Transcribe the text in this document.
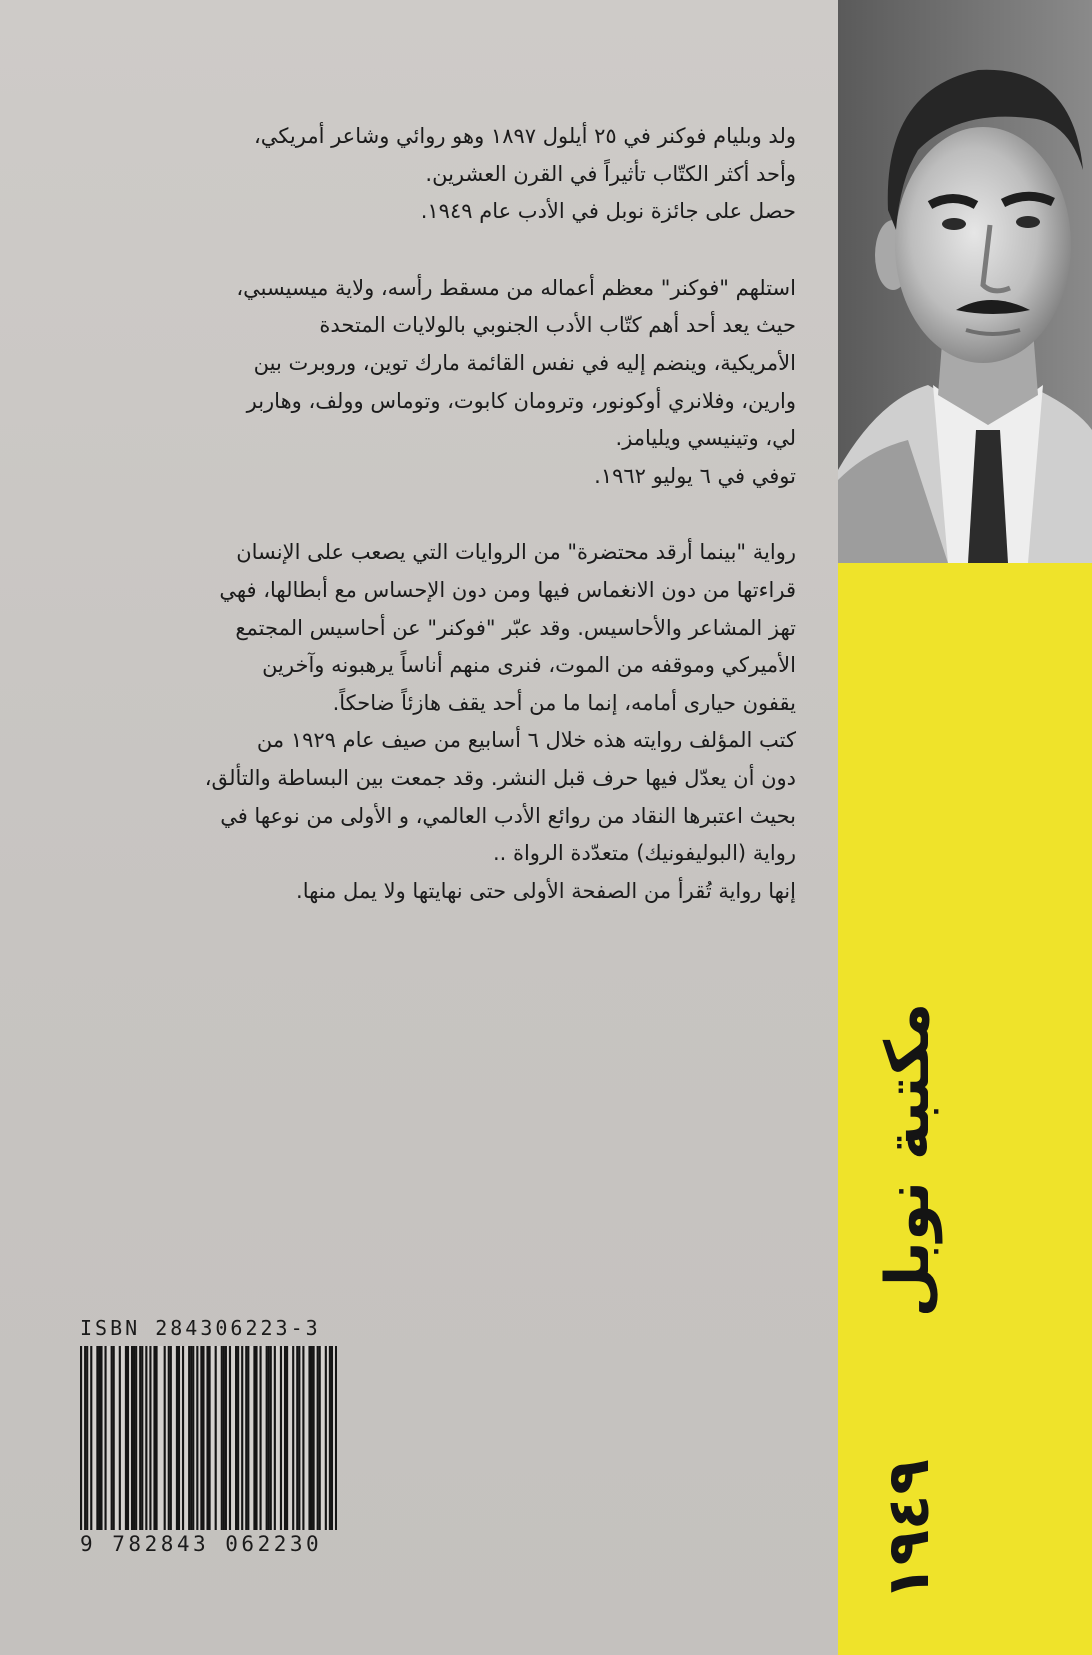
ولد وبليام فوكنر في ٢٥ أيلول ١٨٩٧ وهو روائي وشاعر أمريكي،
وأحد أكثر الكتّاب تأثيراً في القرن العشرين.
حصل على جائزة نوبل في الأدب عام ١٩٤٩.
استلهم "فوكنر" معظم أعماله من مسقط رأسه، ولاية ميسيسبي،
حيث يعد أحد أهم كتّاب الأدب الجنوبي بالولايات المتحدة
الأمريكية، وينضم إليه في نفس القائمة مارك توين، وروبرت بين
وارين، وفلانري أوكونور، وترومان كابوت، وتوماس وولف، وهاربر
لي، وتينيسي ويليامز.
توفي في ٦ يوليو ١٩٦٢.
رواية "بينما أرقد محتضرة" من الروايات التي يصعب على الإنسان
قراءتها من دون الانغماس فيها ومن دون الإحساس مع أبطالها، فهي
تهز المشاعر والأحاسيس. وقد عبّر "فوكنر" عن أحاسيس المجتمع
الأميركي وموقفه من الموت، فنرى منهم أناساً يرهبونه وآخرين
يقفون حيارى أمامه، إنما ما من أحد يقف هازئاً ضاحكاً.
كتب المؤلف روايته هذه خلال ٦ أسابيع من صيف عام ١٩٢٩ من
دون أن يعدّل فيها حرف قبل النشر. وقد جمعت بين البساطة والتألق،
بحيث اعتبرها النقاد من روائع الأدب العالمي، و الأولى من نوعها في
رواية (البوليفونيك) متعدّدة الرواة ..
إنها رواية تُقرأ من الصفحة الأولى حتى نهايتها ولا يمل منها.
ISBN 284306223-3
9 782843 062230
مكتبة نوبل
١٩٤٩
